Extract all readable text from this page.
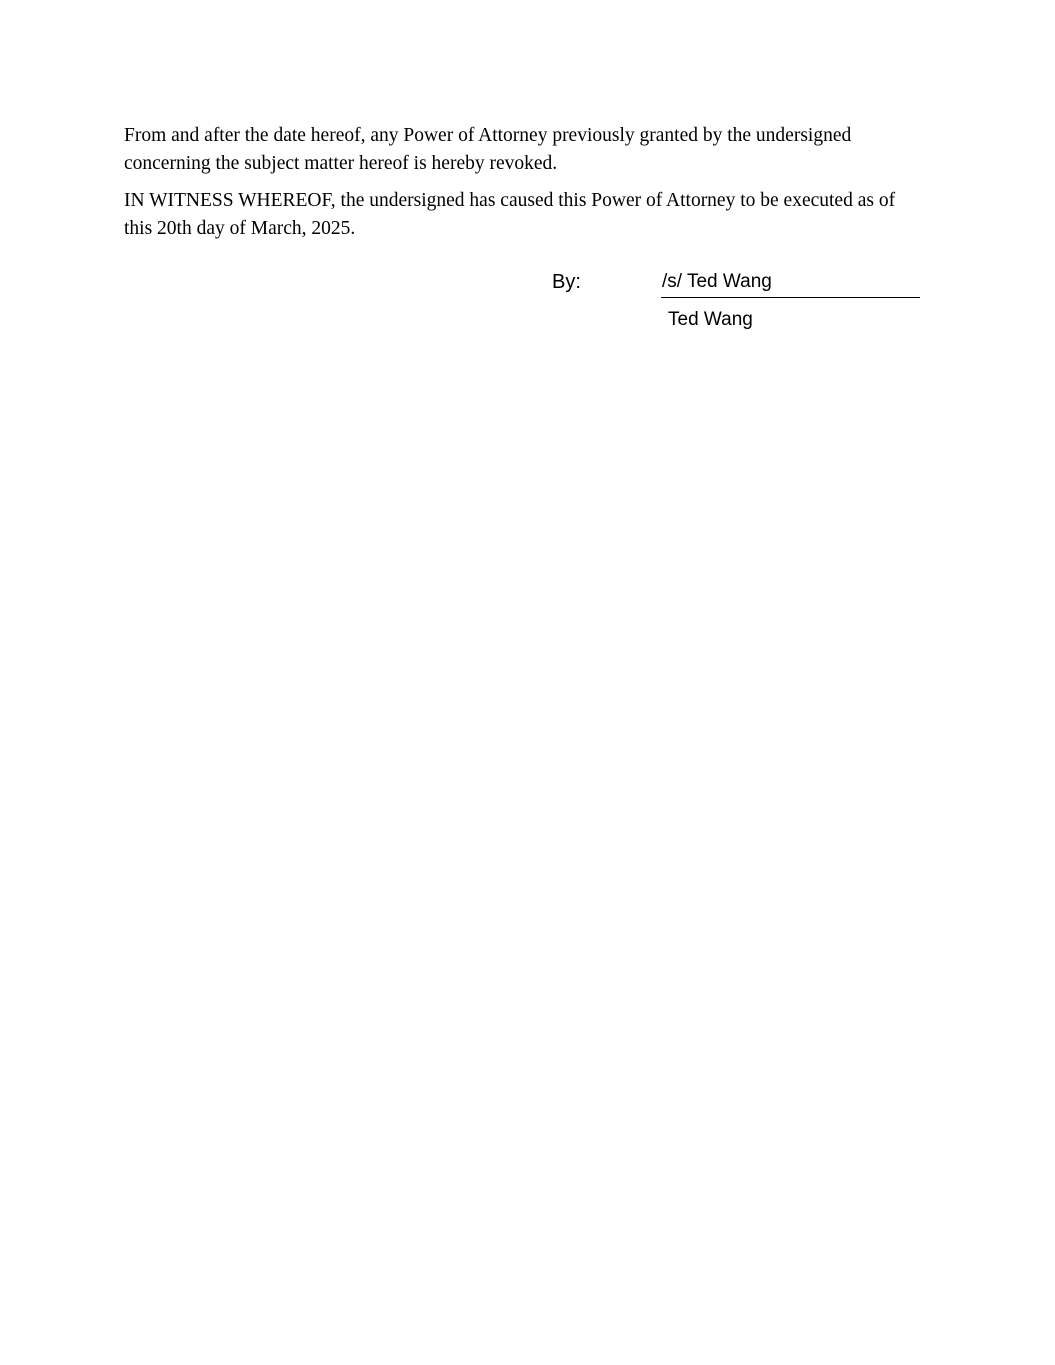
From and after the date hereof, any Power of Attorney previously granted by the undersigned concerning the subject matter hereof is hereby revoked.

IN WITNESS WHEREOF, the undersigned has caused this Power of Attorney to be executed as of this 20th day of March, 2025.

By:	/s/ Ted Wang
Ted Wang
